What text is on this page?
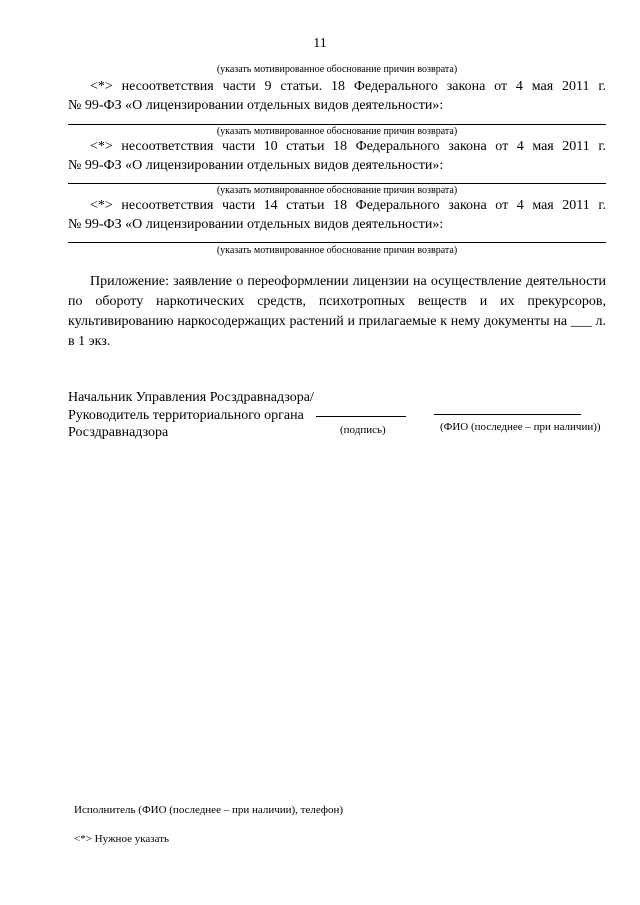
11
(указать мотивированное обоснование причин возврата)
<*> несоответствия части 9 статьи. 18 Федерального закона от 4 мая 2011 г.
№ 99-ФЗ «О лицензировании отдельных видов деятельности»:
(указать мотивированное обоснование причин возврата)
<*> несоответствия части 10 статьи 18 Федерального закона от 4 мая 2011 г.
№ 99-ФЗ «О лицензировании отдельных видов деятельности»:
(указать мотивированное обоснование причин возврата)
<*> несоответствия части 14 статьи 18 Федерального закона от 4 мая 2011 г.
№ 99-ФЗ «О лицензировании отдельных видов деятельности»:
(указать мотивированное обоснование причин возврата)
Приложение: заявление о переоформлении лицензии на осуществление деятельности по обороту наркотических средств, психотропных веществ и их прекурсоров, культивированию наркосодержащих растений и прилагаемые к нему документы на ___ л. в 1 экз.
Начальник Управления Росздравнадзора/
Руководитель территориального органа
Росздравнадзора	(подпись)	(ФИО (последнее – при наличии))
Исполнитель (ФИО (последнее – при наличии), телефон)
<*> Нужное указать
